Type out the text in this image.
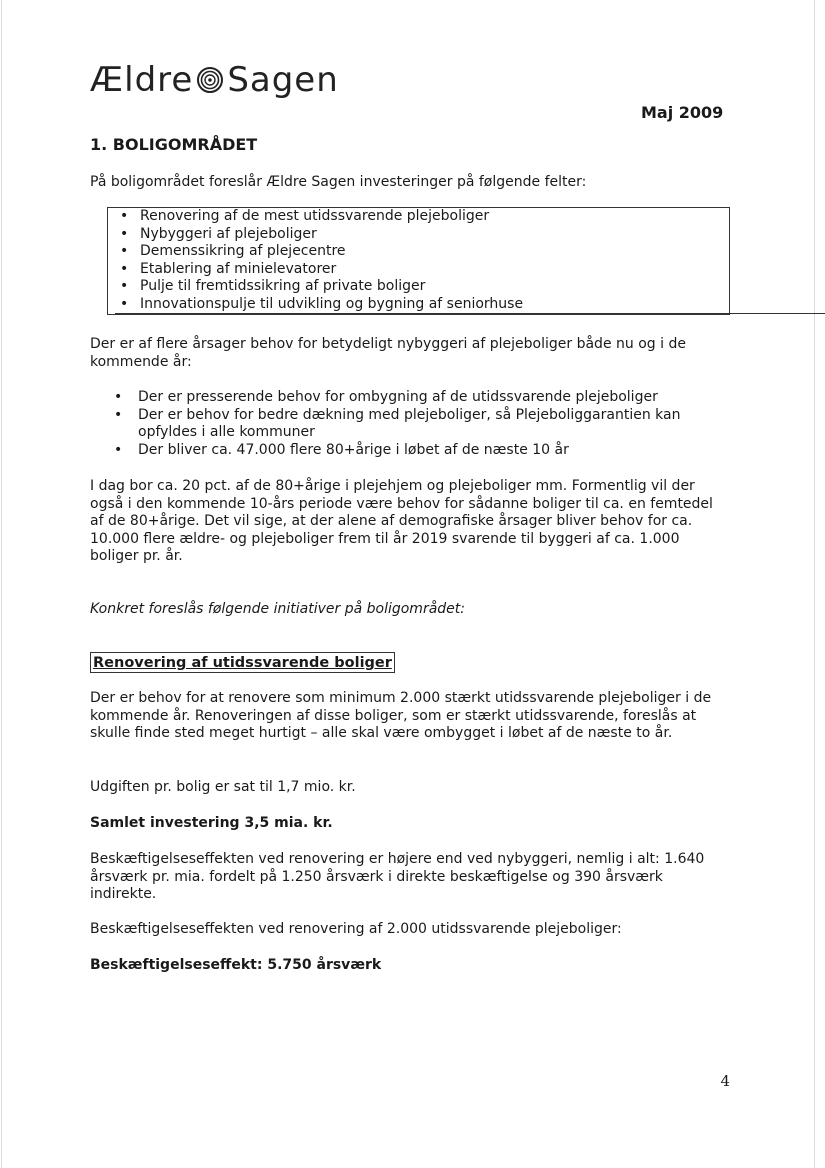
Ældre Sagen
Maj 2009
1. BOLIGOMRÅDET

På boligområdet foreslår Ældre Sagen investeringer på følgende felter:

• Renovering af de mest utidssvarende plejeboliger
• Nybyggeri af plejeboliger
• Demenssikring af plejecentre
• Etablering af minielevatorer
• Pulje til fremtidssikring af private boliger
• Innovationspulje til udvikling og bygning af seniorhuse

Der er af flere årsager behov for betydeligt nybyggeri af plejeboliger både nu og i de kommende år:

• Der er presserende behov for ombygning af de utidssvarende plejeboliger
• Der er behov for bedre dækning med plejeboliger, så Plejeboliggarantien kan opfyldes i alle kommuner
• Der bliver ca. 47.000 flere 80+årige i løbet af de næste 10 år

I dag bor ca. 20 pct. af de 80+årige i plejehjem og plejeboliger mm. Formentlig vil der også i den kommende 10-års periode være behov for sådanne boliger til ca. en femtedel af de 80+årige. Det vil sige, at der alene af demografiske årsager bliver behov for ca. 10.000 flere ældre- og plejeboliger frem til år 2019 svarende til byggeri af ca. 1.000 boliger pr. år.

Konkret foreslås følgende initiativer på boligområdet:

Renovering af utidssvarende boliger

Der er behov for at renovere som minimum 2.000 stærkt utidssvarende plejeboliger i de kommende år. Renoveringen af disse boliger, som er stærkt utidssvarende, foreslås at skulle finde sted meget hurtigt – alle skal være ombygget i løbet af de næste to år.

Udgiften pr. bolig er sat til 1,7 mio. kr.

Samlet investering 3,5 mia. kr.

Beskæftigelseseffekten ved renovering er højere end ved nybyggeri, nemlig i alt: 1.640 årsværk pr. mia. fordelt på 1.250 årsværk i direkte beskæftigelse og 390 årsværk indirekte.

Beskæftigelseseffekten ved renovering af 2.000 utidssvarende plejeboliger:

Beskæftigelseseffekt: 5.750 årsværk

4
